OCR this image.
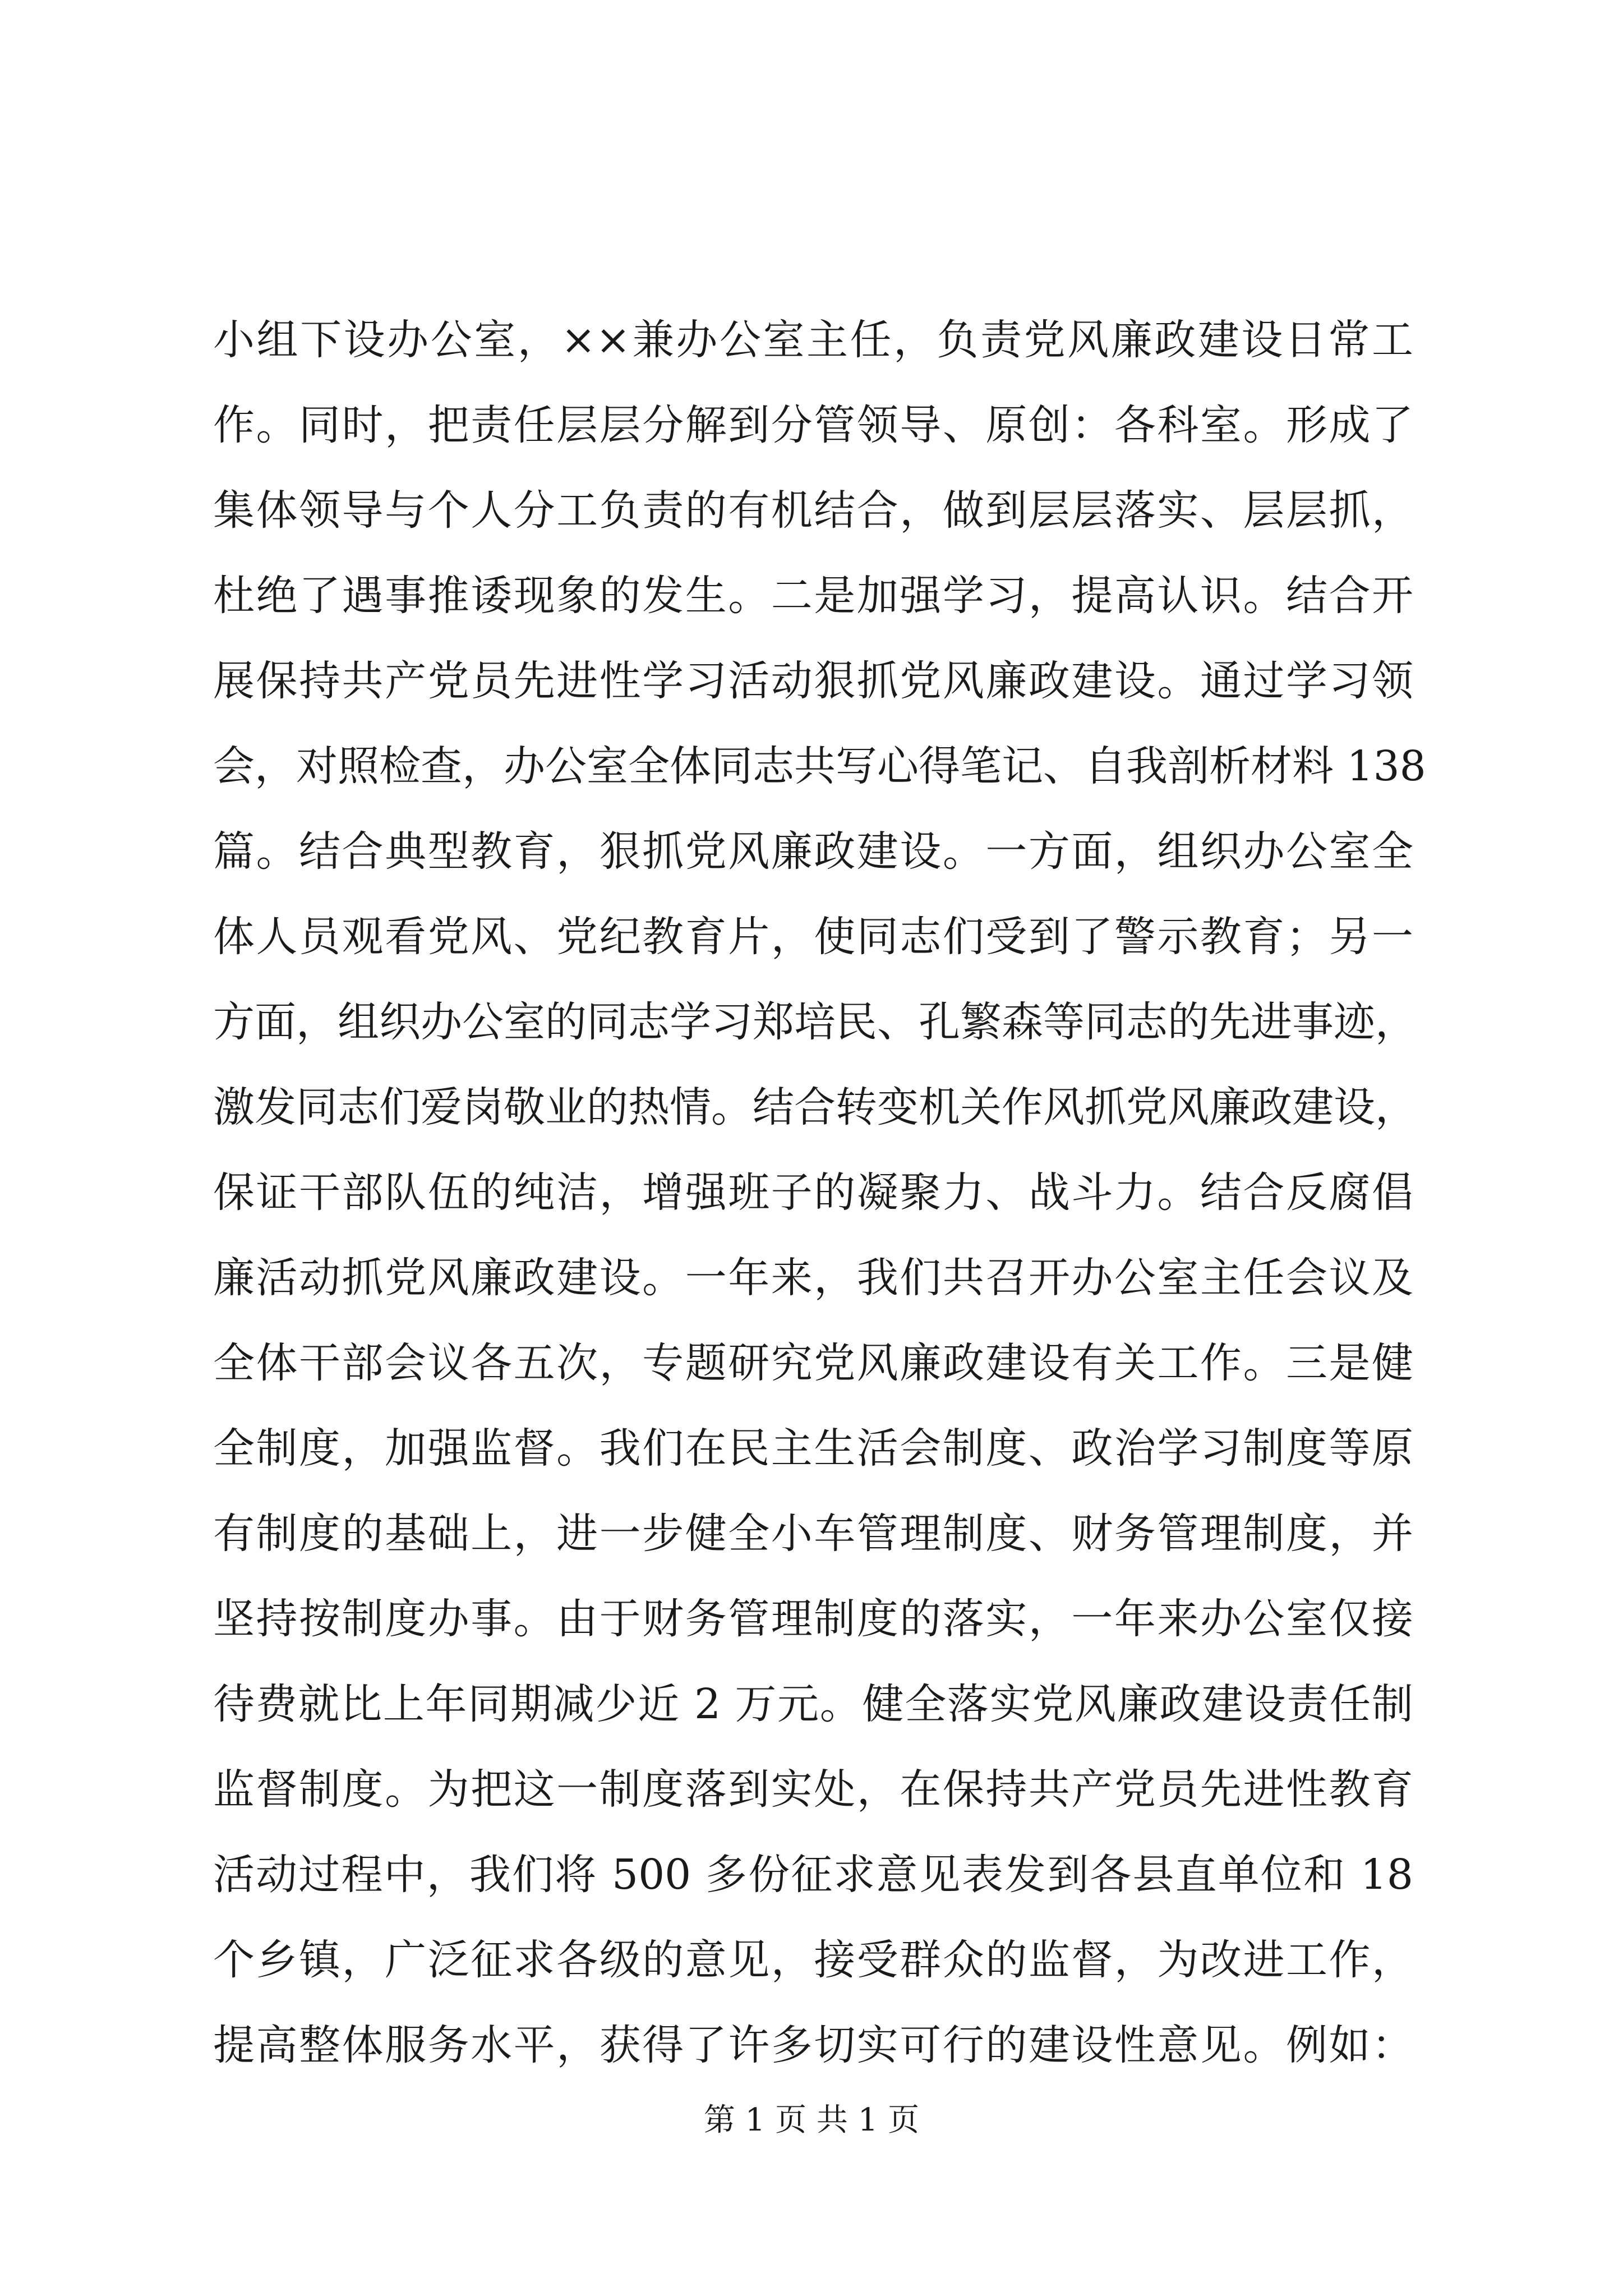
小组下设办公室，××兼办公室主任，负责党风廉政建设日常工
作。同时，把责任层层分解到分管领导、原创：各科室。形成了
集体领导与个人分工负责的有机结合，做到层层落实、层层抓，
杜绝了遇事推诿现象的发生。二是加强学习，提高认识。结合开
展保持共产党员先进性学习活动狠抓党风廉政建设。通过学习领
会，对照检查，办公室全体同志共写心得笔记、自我剖析材料 138
篇。结合典型教育，狠抓党风廉政建设。一方面，组织办公室全
体人员观看党风、党纪教育片，使同志们受到了警示教育；另一
方面，组织办公室的同志学习郑培民、孔繁森等同志的先进事迹，
激发同志们爱岗敬业的热情。结合转变机关作风抓党风廉政建设，
保证干部队伍的纯洁，增强班子的凝聚力、战斗力。结合反腐倡
廉活动抓党风廉政建设。一年来，我们共召开办公室主任会议及
全体干部会议各五次，专题研究党风廉政建设有关工作。三是健
全制度，加强监督。我们在民主生活会制度、政治学习制度等原
有制度的基础上，进一步健全小车管理制度、财务管理制度，并
坚持按制度办事。由于财务管理制度的落实，一年来办公室仅接
待费就比上年同期减少近 2 万元。健全落实党风廉政建设责任制
监督制度。为把这一制度落到实处，在保持共产党员先进性教育
活动过程中，我们将 500 多份征求意见表发到各县直单位和 18
个乡镇，广泛征求各级的意见，接受群众的监督，为改进工作，
提高整体服务水平，获得了许多切实可行的建设性意见。例如：
第 1 页 共 1 页
